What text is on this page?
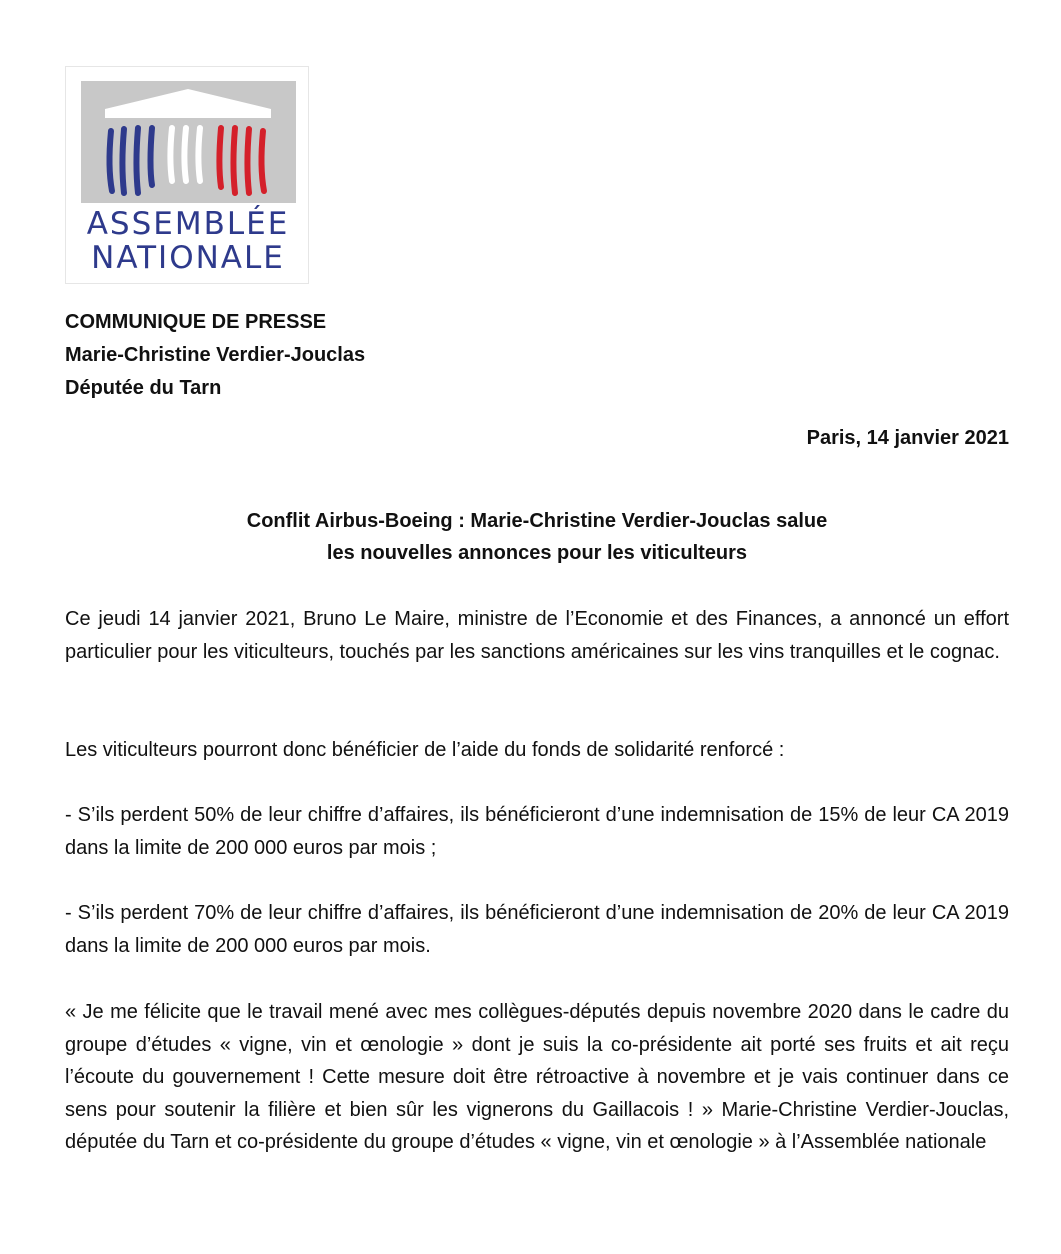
ASSEMBLÉE
NATIONALE
COMMUNIQUE DE PRESSE
Marie-Christine Verdier-Jouclas
Députée du Tarn
Paris, 14 janvier 2021
Conflit Airbus-Boeing : Marie-Christine Verdier-Jouclas salue
les nouvelles annonces pour les viticulteurs

Ce jeudi 14 janvier 2021, Bruno Le Maire, ministre de l’Economie et des Finances, a annoncé un effort particulier pour les viticulteurs, touchés par les sanctions américaines sur les vins tranquilles et le cognac.

Les viticulteurs pourront donc bénéficier de l’aide du fonds de solidarité renforcé :

- S’ils perdent 50% de leur chiffre d’affaires, ils bénéficieront d’une indemnisation de 15% de leur CA 2019 dans la limite de 200 000 euros par mois ;

- S’ils perdent 70% de leur chiffre d’affaires, ils bénéficieront d’une indemnisation de 20% de leur CA 2019 dans la limite de 200 000 euros par mois.

« Je me félicite que le travail mené avec mes collègues-députés depuis novembre 2020 dans le cadre du groupe d’études « vigne, vin et œnologie » dont je suis la co-présidente ait porté ses fruits et ait reçu l’écoute du gouvernement ! Cette mesure doit être rétroactive à novembre et je vais continuer dans ce sens pour soutenir la filière et bien sûr les vignerons du Gaillacois ! » Marie-Christine Verdier-Jouclas, députée du Tarn et co-présidente du groupe d’études « vigne, vin et œnologie » à l’Assemblée nationale
